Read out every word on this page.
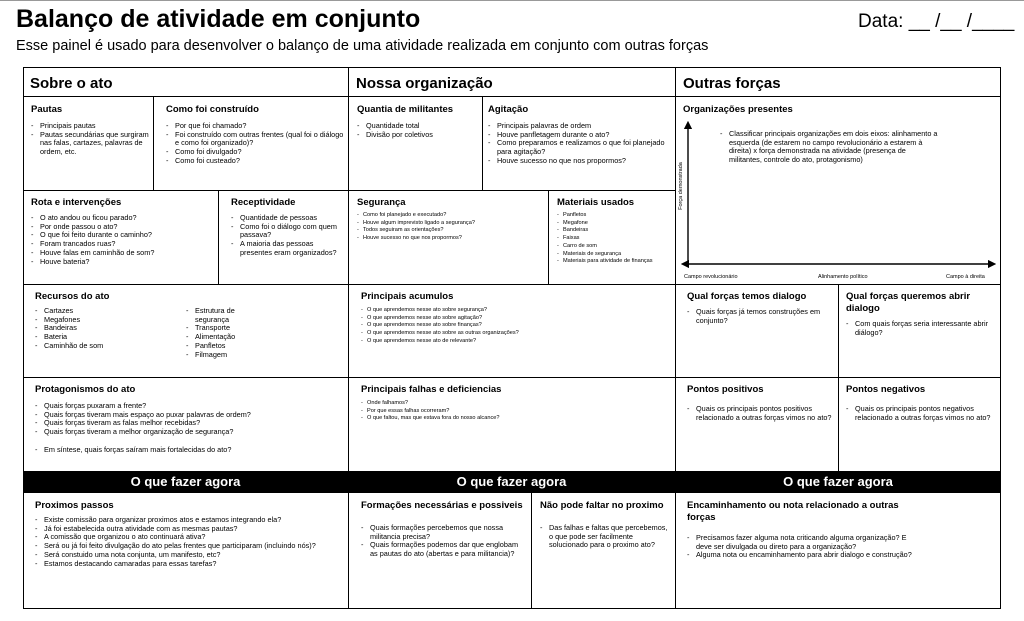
Balanço de atividade em conjunto
Esse painel é usado para desenvolver o balanço de uma atividade realizada em conjunto com outras forças
Data: __ /__ /____
Sobre o ato	Nossa organização	Outras forças
Pautas
- Principais pautas
- Pautas secundárias que surgiram nas falas, cartazes, palavras de ordem, etc.
Como foi construído
- Por que foi chamado?
- Foi construído com outras frentes (qual foi o diálogo e como foi organizado)?
- Como foi divulgado?
- Como foi custeado?
Quantia de militantes
- Quantidade total
- Divisão por coletivos
Agitação
- Principais palavras de ordem
- Houve panfletagem durante o ato?
- Como preparamos e realizamos o que foi planejado para agitação?
- Houve sucesso no que nos propormos?
Organizações presentes
- Classificar principais organizações em dois eixos: alinhamento a esquerda (de estarem no campo revolucionário a estarem à direita) x força demonstrada na atividade (presença de militantes, controle do ato, protagonismo)
Força demonstrada
Campo revolucionário	Alinhamento político	Campo à direita
Rota e intervenções
- O ato andou ou ficou parado?
- Por onde passou o ato?
- O que foi feito durante o caminho?
- Foram trancados ruas?
- Houve falas em caminhão de som?
- Houve bateria?
Receptividade
- Quantidade de pessoas
- Como foi o diálogo com quem passava?
- A maioria das pessoas presentes eram organizados?
Segurança
- Como foi planejado e executado?
- Houve algum imprevisto ligado a segurança?
- Todos seguiram as orientações?
- Houve sucesso no que nos propormos?
Materiais usados
- Panfletos
- Megafone
- Bandeiras
- Faixas
- Carro de som
- Materiais de segurança
- Materiais para atividade de finanças
Recursos do ato
- Cartazes
- Megafones
- Bandeiras
- Bateria
- Caminhão de som
- Estrutura de segurança
- Transporte
- Alimentação
- Panfletos
- Filmagem
Principais acumulos
- O que aprendemos nesse ato sobre segurança?
- O que aprendemos nesse ato sobre agitação?
- O que aprendemos nesse ato sobre finanças?
- O que aprendemos nesse ato sobre as outras organizações?
- O que aprendemos nesse ato de relevante?
Qual forças temos dialogo
- Quais forças já temos construções em conjunto?
Qual forças queremos abrir dialogo
- Com quais forças seria interessante abrir diálogo?
Protagonismos do ato
- Quais forças puxaram a frente?
- Quais forças tiveram mais espaço ao puxar palavras de ordem?
- Quais forças tiveram as falas melhor recebidas?
- Quais forças tiveram a melhor organização de segurança?
- Em síntese, quais forças saíram mais fortalecidas do ato?
Principais falhas e deficiencias
- Onde falhamos?
- Por que essas falhas ocorreram?
- O que faltou, mas que estava fora do nosso alcance?
Pontos positivos
- Quais os principais pontos positivos relacionado a outras forças vimos no ato?
Pontos negativos
- Quais os principais pontos negativos relacionado a outras forças vimos no ato?
O que fazer agora	O que fazer agora	O que fazer agora
Proximos passos
- Existe comissão para organizar proximos atos e estamos integrando ela?
- Já foi estabelecida outra atividade com as mesmas pautas?
- A comissão que organizou o ato continuará ativa?
- Será ou já foi feito divulgação do ato pelas frentes que participaram (incluindo nós)?
- Será constuido uma nota conjunta, um manifesto, etc?
- Estamos destacando camaradas para essas tarefas?
Formações necessárias e possiveis
- Quais formações percebemos que nossa militancia precisa?
- Quais formações podemos dar que englobam as pautas do ato (abertas e para militancia)?
Não pode faltar no proximo
- Das falhas e faltas que percebemos, o que pode ser facilmente solucionado para o proximo ato?
Encaminhamento ou nota relacionado a outras forças
- Precisamos fazer alguma nota criticando alguma organização? E deve ser divulgada ou direto para a organização?
- Alguma nota ou encaminhamento para abrir dialogo e construção?
